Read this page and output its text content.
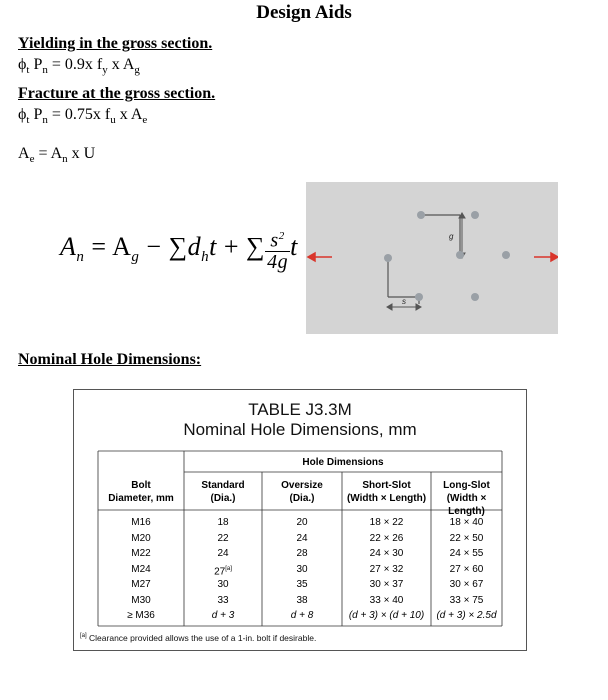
Design Aids
Yielding in the gross section.
$\phi_t$ $P_n = 0.9x$ $f_y$ x $A_g$
Fracture at the gross section.
$\phi_t$ $P_n = 0.75x$ $f_u$ x $A_e$
$A_e = A_n$ x U
$A_n = A_g - \sum d_ht$ + ∑ $\frac{s^2}{4g}$ t	g
s
Nominal Hole Dimensions:
TABLE J3.3M
Nominal Hole Dimensions, mm
Hole Dimensions
Bolt
Diameter, mm
Standard
(Dia.)
Oversize
(Dia.)
Short-Slot
(Width × Length)
Long-Slot
(Width × Length)
M16	18	20	18 × 22	18 × 40
M20	22	24	22 × 26	22 × 50
M22	24	28	24 × 30	24 × 55
M24	27[a]	30	27 × 32	27 × 60
M27	30	35	30 × 37	30 × 67
M30	33	38	33 × 40	33 × 75
≥ M36	d + 3	d + 8	(d + 3) × (d + 10)	(d + 3) × 2.5d
[a] Clearance provided allows the use of a 1-in. bolt if desirable.
